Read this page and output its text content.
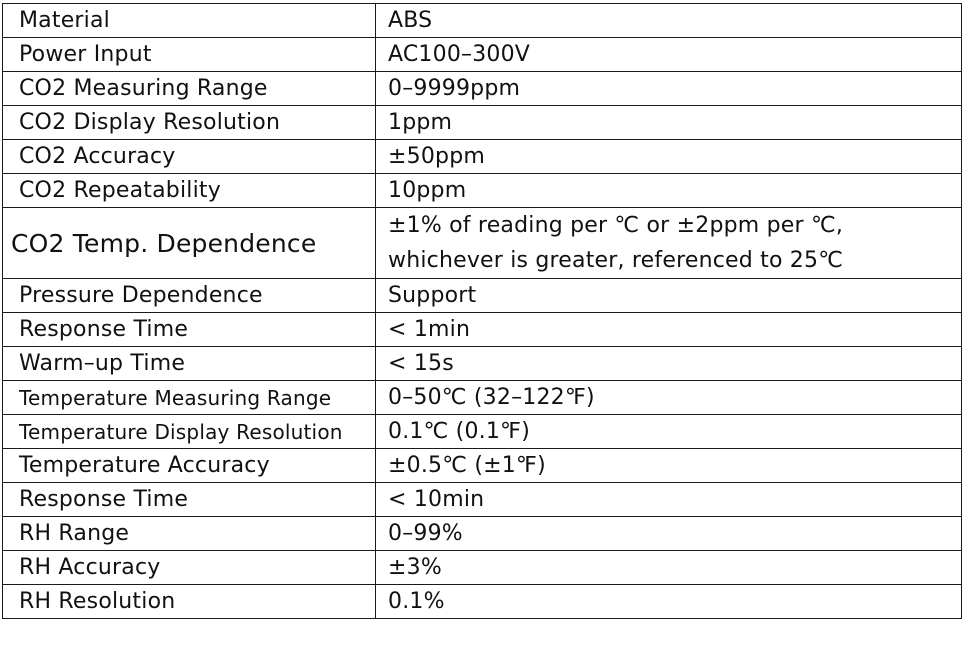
Material	ABS
Power Input	AC100–300V
CO2 Measuring Range	0–9999ppm
CO2 Display Resolution	1ppm
CO2 Accuracy	±50ppm
CO2 Repeatability	10ppm
CO2 Temp. Dependence	±1% of reading per ℃ or ±2ppm per ℃,
whichever is greater, referenced to 25℃

Pressure Dependence	Support
Response Time	< 1min
Warm–up Time	< 15s
Temperature Measuring Range	0–50℃ (32–122℉)
Temperature Display Resolution	0.1℃ (0.1℉)
Temperature Accuracy	±0.5℃ (±1℉)
Response Time	< 10min
RH Range	0–99%
RH Accuracy	±3%
RH Resolution	0.1%
